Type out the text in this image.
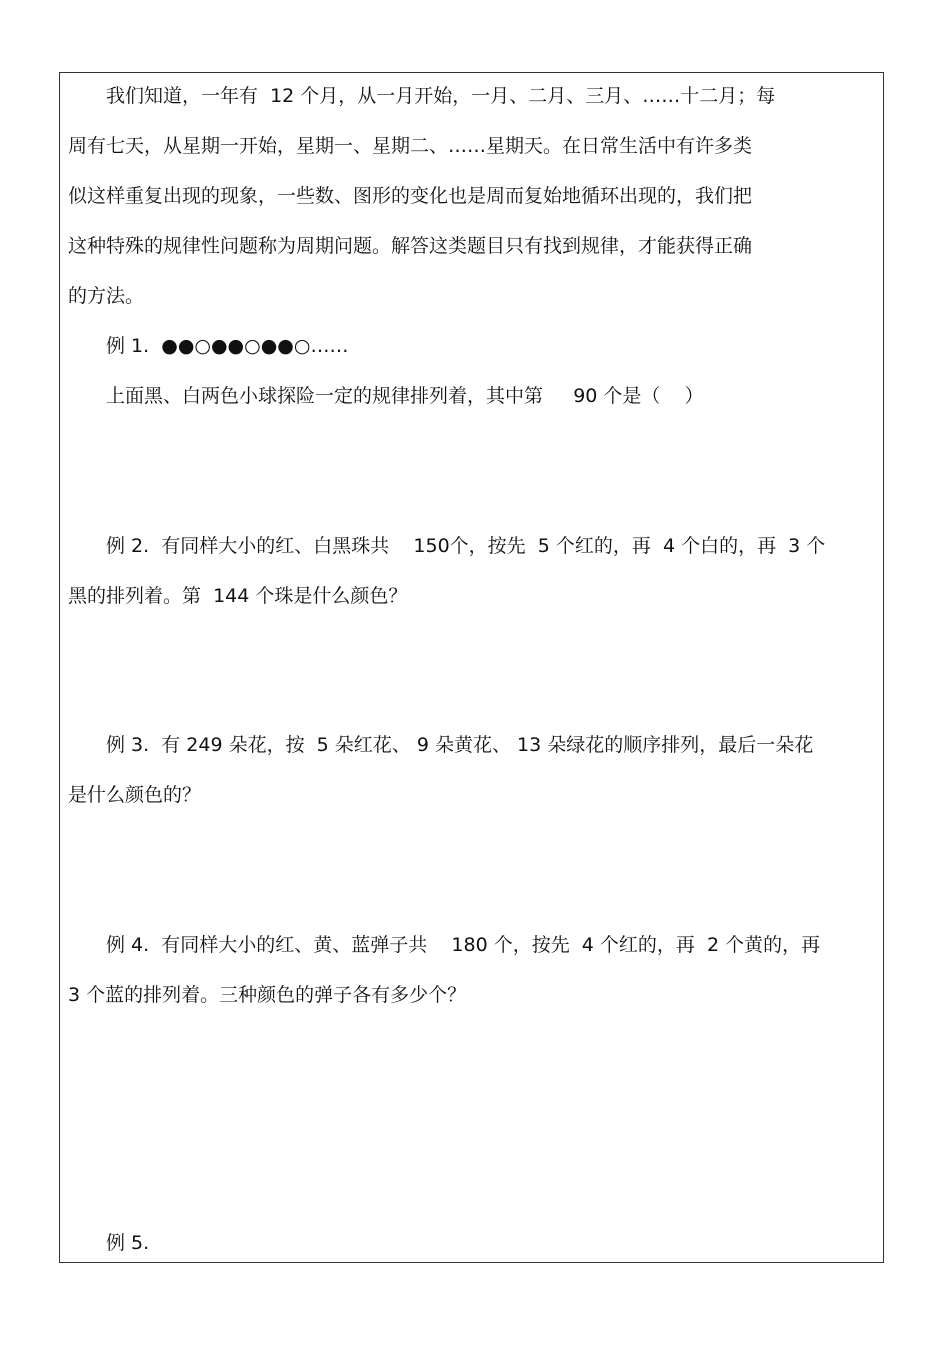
我们知道，一年有  12 个月，从一月开始，一月、二月、三月、……十二月；每
周有七天，从星期一开始，星期一、星期二、……星期天。在日常生活中有许多类
似这样重复出现的现象，一些数、图形的变化也是周而复始地循环出现的，我们把
这种特殊的规律性问题称为周期问题。解答这类题目只有找到规律，才能获得正确
的方法。
例 1.  ●●○●●○●●○……
上面黑、白两色小球探险一定的规律排列着，其中第     90 个是（    ）
例 2.  有同样大小的红、白黑珠共    150个，按先  5 个红的，再  4 个白的，再  3 个
黑的排列着。第  144 个珠是什么颜色？
例 3.  有 249 朵花，按  5 朵红花、 9 朵黄花、 13 朵绿花的顺序排列，最后一朵花
是什么颜色的？
例 4.  有同样大小的红、黄、蓝弹子共    180 个，按先  4 个红的，再  2 个黄的，再
3 个蓝的排列着。三种颜色的弹子各有多少个？
例 5.
